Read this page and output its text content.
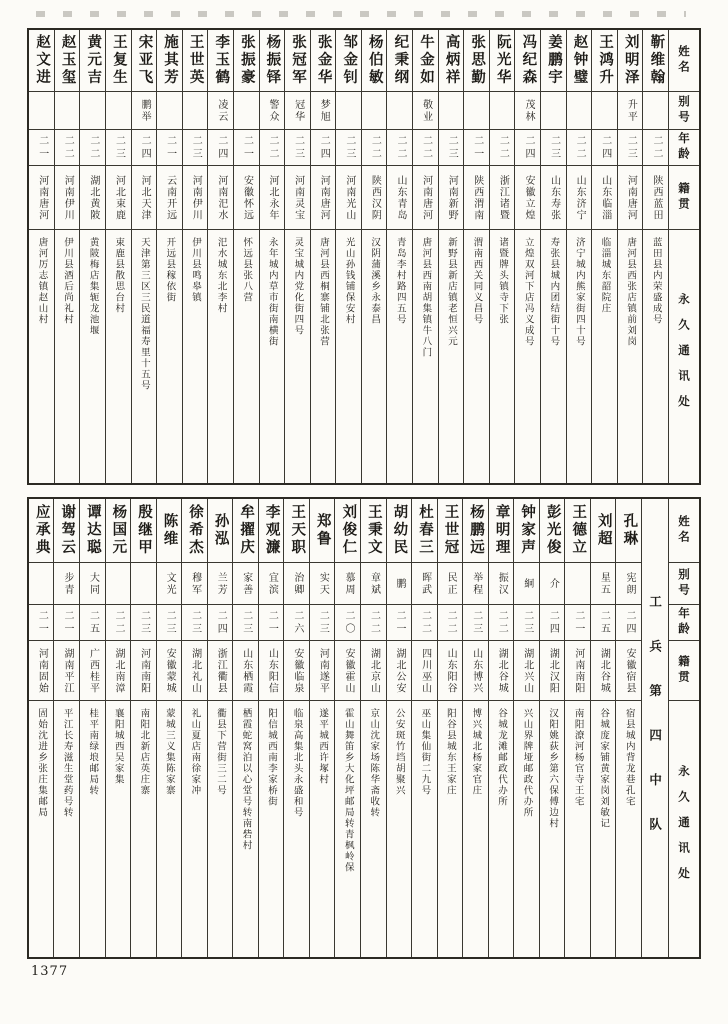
姓名
别号
年龄
籍贯
永久通讯处
靳维翰
二二
陕西蓝田
蓝田县内荣盛成号
刘明泽
升平
二三
河南唐河
唐河县西张店镇前刘岗
王鸿升
二四
山东临淄
临淄城东韶院庄
赵钟璧
二二
山东济宁
济宁城内熊家街四十号
姜鹏宇
二三
山东寿张
寿张县城内团结街十号
冯纪森
茂林
二四
安徽立煌
立煌双河下店冯义成号
阮光华
二二
浙江诸暨
诸暨牌头镇寺下张
张思勤
二一
陕西渭南
渭南西关同义昌号
高炳祥
二三
河南新野
新野县新店镇老恒兴元
牛金如
敬业
二二
河南唐河
唐河县西南胡集镇牛八门
纪秉纲
二二
山东青岛
青岛李村路四五号
杨伯敏
二二
陕西汉阴
汉阴蒲溪乡永泰昌
邹金钊
二三
河南光山
光山孙钱铺保安村
张金华
梦旭
二四
河南唐河
唐河县西桐寨铺北张营
张冠军
冠华
二三
河南灵宝
灵宝城内党化街四号
杨振铎
警众
二二
河北永年
永年城内草市街南横街
张振豪
二一
安徽怀远
怀远县张八营
李玉鹤
凌云
二四
河南汜水
汜水城东北李村
王世英
二三
河南伊川
伊川县鸣皋镇
施其芳
二一
云南开远
开远县稼依街
宋亚飞
鹏举
二四
河北天津
天津第三区三民道福寿里十五号
王复生
二三
河北束鹿
束鹿县散思台村
黄元吉
二二
湖北黄陂
黄陂梅店集轭龙池堰
赵玉玺
二二
河南伊川
伊川县酒后尚礼村
赵文进
二一
河南唐河
唐河厉志镇赵山村
姓名
别号
年龄
籍贯
永久通讯处
工兵第四中队
孔琳
宪朗
二四
安徽宿县
宿县城内背龙巷孔宅
刘超
星五
二五
湖北谷城
谷城庞家铺黄家岗刘敏记
王德立
二一
河南南阳
南阳潦河杨官寺王宅
彭光俊
介
二四
湖北汉阳
汉阳姚荻乡第六保傅边村
钟家声
絅
二三
湖北兴山
兴山界牌垭邮政代办所
章明理
振汉
二二
湖北谷城
谷城龙滩邮政代办所
杨鹏远
举程
二三
山东博兴
博兴城北杨家官庄
王世冠
民正
二二
山东阳谷
阳谷县城东王家庄
杜春三
晖武
二二
四川巫山
巫山集仙街二九号
胡幼民
鹏
二一
湖北公安
公安斑竹垱胡聚兴
王秉文
章斌
二二
湖北京山
京山沈家场陈华斋收转
刘俊仁
慕周
二〇
安徽霍山
霍山舞笛乡大化坪邮局转青枫岭保
郑鲁
实天
二三
河南遂平
遂平城西许塚村
王天职
治卿
二六
安徽临泉
临泉高集北头永盛和号
李观濂
宜滨
二一
山东阳信
阳信城西南李家桥街
牟擢庆
家善
二三
山东栖霞
栖霞蛇窝泊以心堂号转南砦村
孙泓
兰芳
二四
浙江衢县
衢县下营街三二号
徐希杰
穆军
二三
湖北礼山
礼山夏店南徐家冲
陈维
文光
二三
安徽蒙城
蒙城三义集陈家寨
殷继甲
二三
河南南阳
南阳北新店英庄寨
杨国元
二二
湖北南漳
襄阳城西吴家集
谭达聪
大同
二五
广西桂平
桂平南绿埌邮局转
谢驾云
步青
二一
湖南平江
平江长寿滋生堂药号转
应承典
二一
河南固始
固始沈进乡张庄集邮局
1377
